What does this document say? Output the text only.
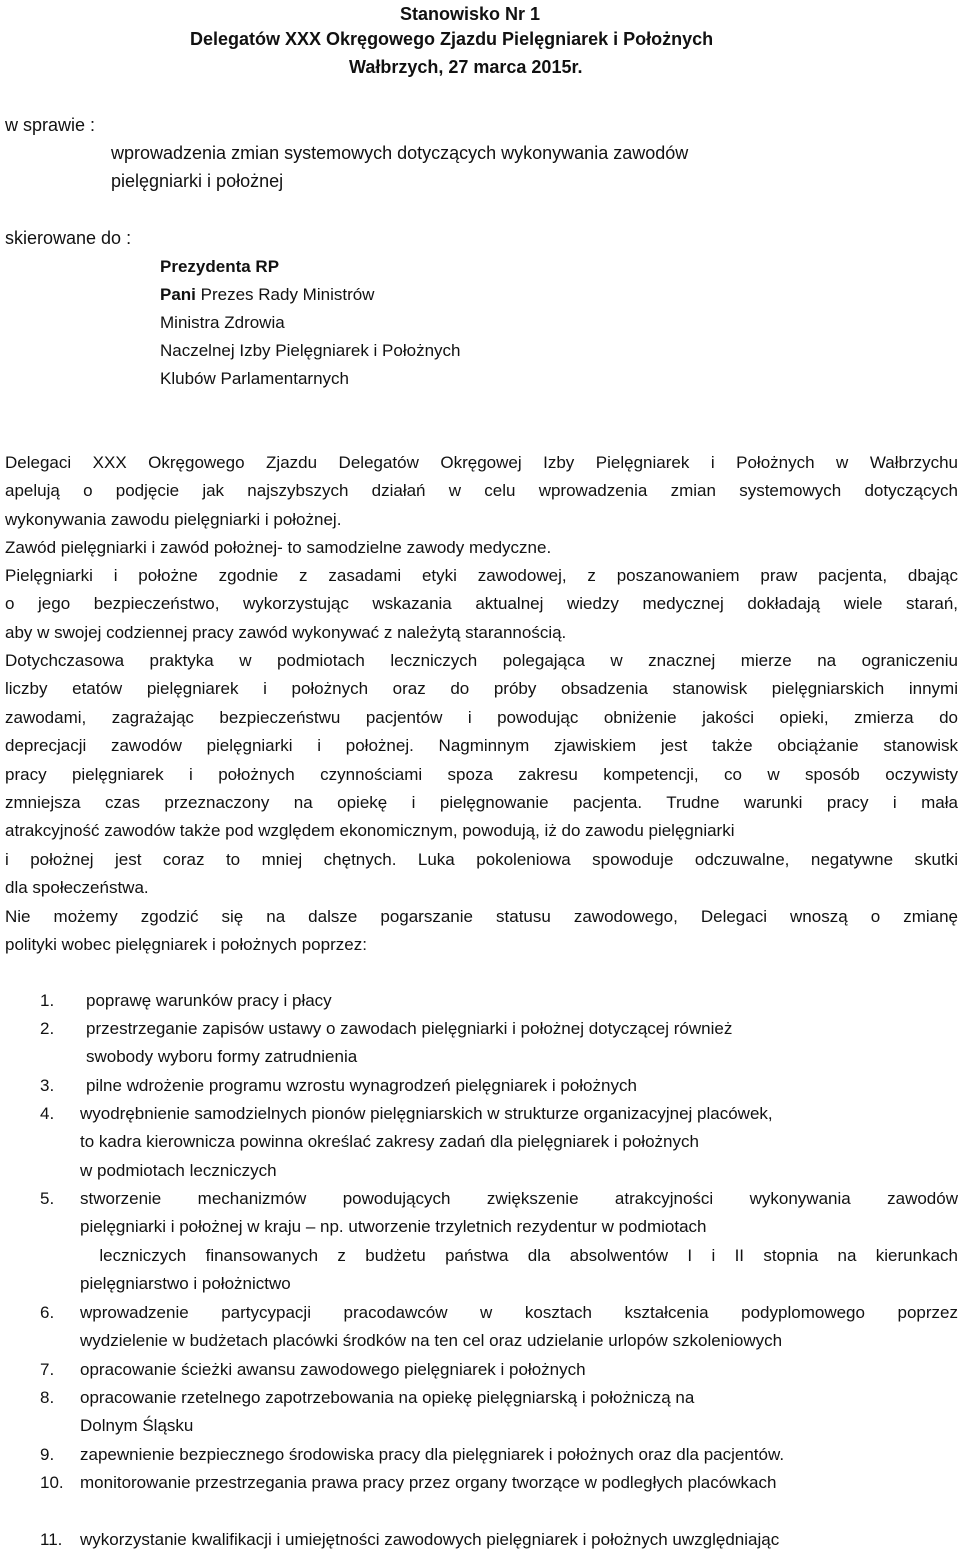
Stanowisko Nr 1
Delegatów XXX Okręgowego Zjazdu Pielęgniarek i Położnych
Wałbrzych, 27 marca 2015r.
w sprawie :
wprowadzenia zmian systemowych dotyczących wykonywania zawodów
pielęgniarki i położnej
skierowane do :
Prezydenta RP
Pani Prezes Rady Ministrów
Ministra Zdrowia
Naczelnej Izby Pielęgniarek i Położnych
Klubów Parlamentarnych
Delegaci XXX Okręgowego Zjazdu Delegatów Okręgowej Izby Pielęgniarek i Położnych w Wałbrzychu
apelują o podjęcie jak najszybszych działań w celu wprowadzenia zmian systemowych dotyczących
wykonywania zawodu pielęgniarki i położnej.
Zawód pielęgniarki i zawód położnej- to samodzielne zawody medyczne.
Pielęgniarki i położne zgodnie z zasadami etyki zawodowej, z poszanowaniem praw pacjenta, dbając
o jego bezpieczeństwo, wykorzystując wskazania aktualnej wiedzy medycznej dokładają wiele starań,
aby w swojej codziennej pracy zawód wykonywać z należytą starannością.
Dotychczasowa praktyka w podmiotach leczniczych polegająca w znacznej mierze na ograniczeniu
liczby etatów pielęgniarek i położnych oraz do próby obsadzenia stanowisk pielęgniarskich innymi
zawodami, zagrażając bezpieczeństwu pacjentów i powodując obniżenie jakości opieki, zmierza do
deprecjacji zawodów pielęgniarki i położnej. Nagminnym zjawiskiem jest także obciążanie stanowisk
pracy pielęgniarek i położnych czynnościami spoza zakresu kompetencji, co w sposób oczywisty
zmniejsza czas przeznaczony na opiekę i pielęgnowanie pacjenta. Trudne warunki pracy i mała
atrakcyjność zawodów także pod względem ekonomicznym, powodują, iż do zawodu pielęgniarki
i położnej jest coraz to mniej chętnych. Luka pokoleniowa spowoduje odczuwalne, negatywne skutki
dla społeczeństwa.
Nie możemy zgodzić się na dalsze pogarszanie statusu zawodowego, Delegaci wnoszą o zmianę
polityki wobec pielęgniarek i położnych poprzez:
1.	poprawę warunków pracy i płacy
2.	przestrzeganie zapisów ustawy o zawodach pielęgniarki i położnej dotyczącej również
swobody wyboru formy zatrudnienia
3.	pilne wdrożenie programu wzrostu wynagrodzeń pielęgniarek i położnych
4. wyodrębnienie samodzielnych pionów pielęgniarskich w strukturze organizacyjnej placówek,
to kadra kierownicza powinna określać zakresy zadań dla pielęgniarek i położnych
w podmiotach leczniczych
5. stworzenie mechanizmów powodujących zwiększenie atrakcyjności wykonywania zawodów
pielęgniarki i położnej w kraju – np. utworzenie trzyletnich rezydentur w podmiotach
leczniczych finansowanych z budżetu państwa dla absolwentów I i II stopnia na kierunkach
pielęgniarstwo i położnictwo
6. wprowadzenie partycypacji pracodawców w kosztach kształcenia podyplomowego poprzez
wydzielenie w budżetach placówki środków na ten cel oraz udzielanie urlopów szkoleniowych
7. opracowanie ścieżki awansu zawodowego pielęgniarek i położnych
8. opracowanie rzetelnego zapotrzebowania na opiekę pielęgniarską i położniczą na
Dolnym Śląsku
9. zapewnienie bezpiecznego środowiska pracy dla pielęgniarek i położnych oraz dla pacjentów.
10. monitorowanie przestrzegania prawa pracy przez organy tworzące w podległych placówkach
11. wykorzystanie kwalifikacji i umiejętności zawodowych pielęgniarek i położnych uwzględniając
